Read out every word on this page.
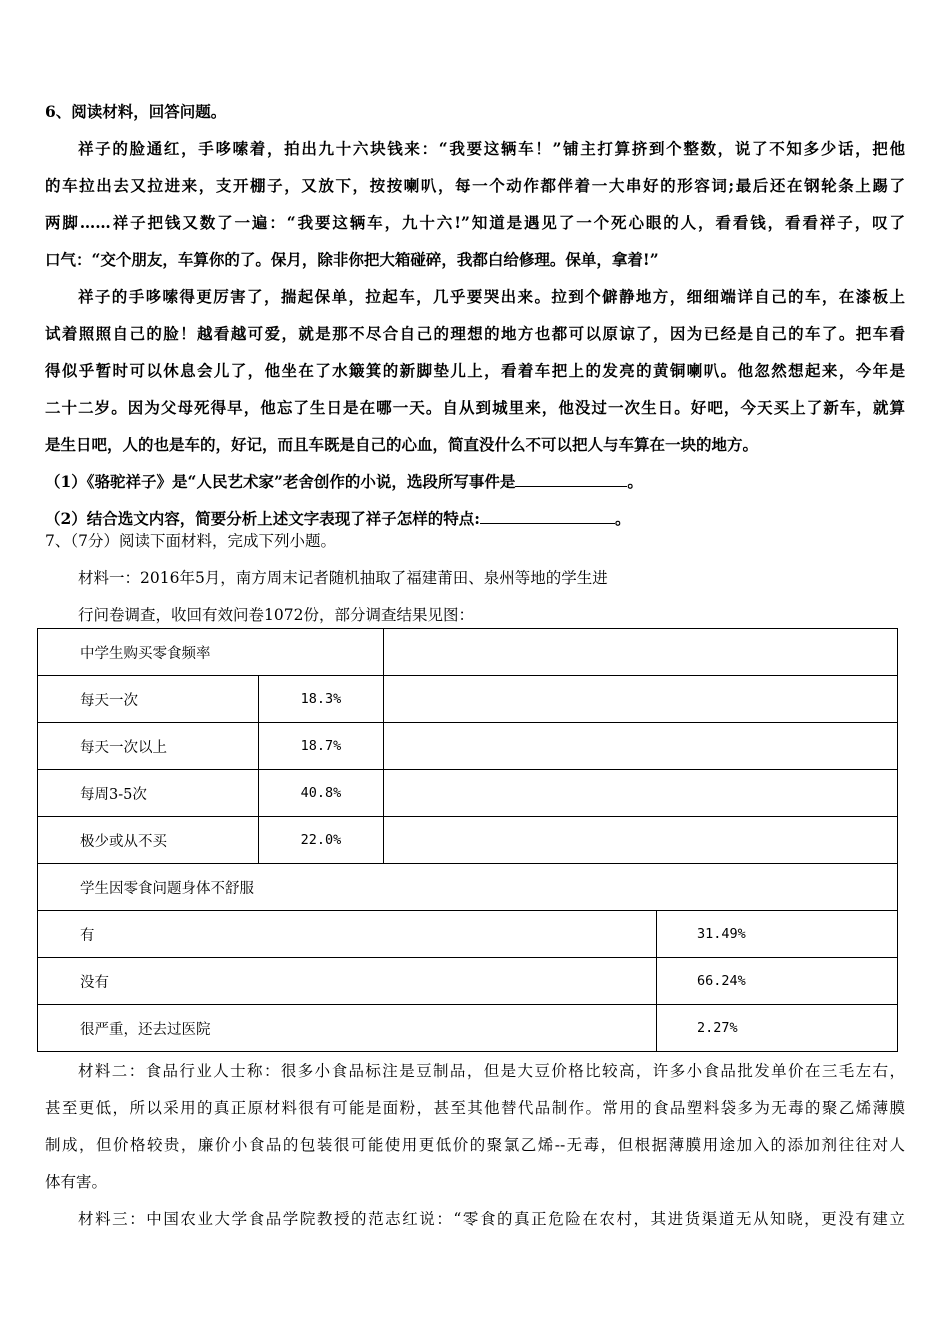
6、阅读材料，回答问题。
祥子的脸通红，手哆嗦着，拍出九十六块钱来：“我要这辆车！”铺主打算挤到个整数，说了不知多少话，把他
的车拉出去又拉进来，支开棚子，又放下，按按喇叭，每一个动作都伴着一大串好的形容词;最后还在钢轮条上踢了
两脚……祥子把钱又数了一遍：“我要这辆车，九十六!”知道是遇见了一个死心眼的人，看看钱，看看祥子，叹了
口气：“交个朋友，车算你的了。保月，除非你把大箱碰碎，我都白给修理。保单，拿着!”
祥子的手哆嗦得更厉害了，揣起保单，拉起车，几乎要哭出来。拉到个僻静地方，细细端详自己的车，在漆板上
试着照照自己的脸！越看越可爱，就是那不尽合自己的理想的地方也都可以原谅了，因为已经是自己的车了。把车看
得似乎暂时可以休息会儿了，他坐在了水簸箕的新脚垫儿上，看着车把上的发亮的黄铜喇叭。他忽然想起来，今年是
二十二岁。因为父母死得早，他忘了生日是在哪一天。自从到城里来，他没过一次生日。好吧，今天买上了新车，就算
是生日吧，人的也是车的，好记，而且车既是自己的心血，简直没什么不可以把人与车算在一块的地方。
（1）《骆驼祥子》是“人民艺术家”老舍创作的小说，选段所写事件是	。
（2）结合选文内容，简要分析上述文字表现了祥子怎样的特点:	。
7、（7分）阅读下面材料，完成下列小题。
材料一：2016年5月，南方周末记者随机抽取了福建莆田、泉州等地的学生进
行问卷调查，收回有效问卷1072份，部分调查结果见图：
中学生购买零食频率			
每天一次	18.3%		
每天一次以上	18.7%		
每周3-5次	40.8%		
极少或从不买	22.0%		
学生因零食问题身体不舒服			
有			31.49%
没有			66.24%
很严重，还去过医院			2.27%
材料二：食品行业人士称：很多小食品标注是豆制品，但是大豆价格比较高，许多小食品批发单价在三毛左右，
甚至更低，所以采用的真正原材料很有可能是面粉，甚至其他替代品制作。常用的食品塑料袋多为无毒的聚乙烯薄膜
制成，但价格较贵，廉价小食品的包装很可能使用更低价的聚氯乙烯--无毒，但根据薄膜用途加入的添加剂往往对人
体有害。
材料三：中国农业大学食品学院教授的范志红说：“零食的真正危险在农村，其进货渠道无从知晓，更没有建立
